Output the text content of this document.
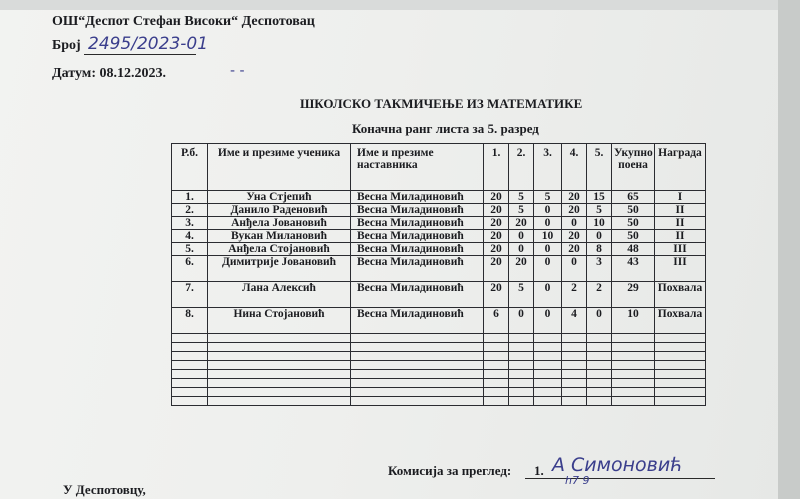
ОШ“Деспот Стефан Високи“ Деспотовац
Број 2495/2023-01
Датум: 08.12.2023.	- -
ШКОЛСКО ТАКМИЧЕЊЕ ИЗ МАТЕМАТИКЕ
Коначна ранг листа за 5. разред
Р.б.	Име и презиме ученика	Име и презиме наставника	1.	2.	3.	4.	5.	Укупно поена	Награда
1.	Уна Стјепић	Весна Миладиновић	20	5	5	20	15	65	I
2.	Данило Раденовић	Весна Миладиновић	20	5	0	20	5	50	II
3.	Анђела Јовановић	Весна Миладиновић	20	20	0	0	10	50	II
4.	Вукан Милановић	Весна Миладиновић	20	0	10	20	0	50	II
5.	Анђела Стојановић	Весна Миладиновић	20	0	0	20	8	48	III
6.	Димитрије Јовановић	Весна Миладиновић	20	20	0	0	3	43	III
7.	Лана Алексић	Весна Миладиновић	20	5	0	2	2	29	Похвала
8.	Нина Стојановић	Весна Миладиновић	6	0	0	4	0	10	Похвала

Комисија за преглед: 1. А Симоновић
h7 9
У Деспотовцу,
